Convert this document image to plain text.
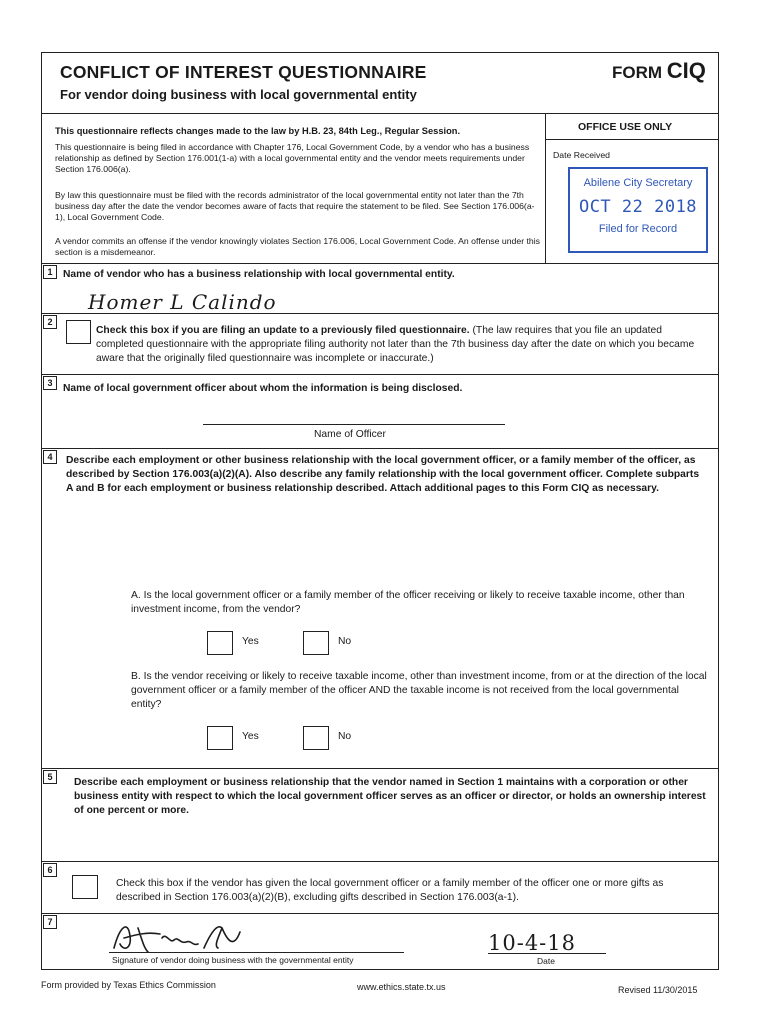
CONFLICT OF INTEREST QUESTIONNAIRE	FORM CIQ
For vendor doing business with local governmental entity
This questionnaire reflects changes made to the law by H.B. 23, 84th Leg., Regular Session.
This questionnaire is being filed in accordance with Chapter 176, Local Government Code, by a vendor who has a business relationship as defined by Section 176.001(1-a) with a local governmental entity and the vendor meets requirements under Section 176.006(a).
By law this questionnaire must be filed with the records administrator of the local governmental entity not later than the 7th business day after the date the vendor becomes aware of facts that require the statement to be filed. See Section 176.006(a-1), Local Government Code.
A vendor commits an offense if the vendor knowingly violates Section 176.006, Local Government Code. An offense under this section is a misdemeanor.
OFFICE USE ONLY
Date Received
Abilene City Secretary
OCT 22 2018
Filed for Record
1	Name of vendor who has a business relationship with local governmental entity.
Homer L Calindo
2
Check this box if you are filing an update to a previously filed questionnaire. (The law requires that you file an updated completed questionnaire with the appropriate filing authority not later than the 7th business day after the date on which you became aware that the originally filed questionnaire was incomplete or inaccurate.)
3	Name of local government officer about whom the information is being disclosed.
Name of Officer
4	Describe each employment or other business relationship with the local government officer, or a family member of the officer, as described by Section 176.003(a)(2)(A). Also describe any family relationship with the local government officer. Complete subparts A and B for each employment or business relationship described. Attach additional pages to this Form CIQ as necessary.
A. Is the local government officer or a family member of the officer receiving or likely to receive taxable income, other than investment income, from the vendor?
Yes	No
B. Is the vendor receiving or likely to receive taxable income, other than investment income, from or at the direction of the local government officer or a family member of the officer AND the taxable income is not received from the local governmental entity?
Yes	No
5	Describe each employment or business relationship that the vendor named in Section 1 maintains with a corporation or other business entity with respect to which the local government officer serves as an officer or director, or holds an ownership interest of one percent or more.
6
Check this box if the vendor has given the local government officer or a family member of the officer one or more gifts as described in Section 176.003(a)(2)(B), excluding gifts described in Section 176.003(a-1).
7
Signature of vendor doing business with the governmental entity
10-4-18
Date
Form provided by Texas Ethics Commission	www.ethics.state.tx.us	Revised 11/30/2015
